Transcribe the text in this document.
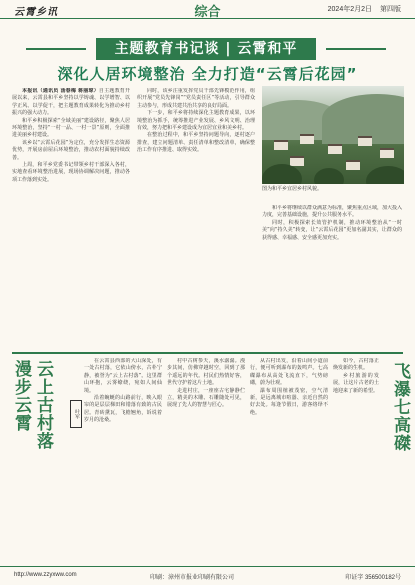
云霄乡讯	综合	2024年2月2日 第四版
主题教育书记谈 | 云霄和平
深化人居环境整治 全力打造“云霄后花园”

本报讯（通讯员 汤春梅 蒋丽琼）自主题教育开展以来，云霄县和平乡坚持以学铸魂、以学增智、以学正风、以学促干，把主题教育成果转化为推动乡村振兴的强大动力。

和平乡积极探索“全域美丽”建设路径，聚焦人居环境整治，坚持“一村一品、一村一景”原则，全面推进美丽乡村建设。

该乡以“云霄后花园”为定位，充分发挥生态资源优势，开展房前屋后环境整治，推动农村面貌持续改善。

上周，和平乡党委书记带领乡村干部深入各村，实地查看环境整治进展，现场协调解决问题，推动各项工作落到实处。

同时，该乡注重发挥党员干部先锋模范作用，组织开展“党员先锋岗”“党员责任区”等活动，引导群众主动参与，形成共建共治共享的良好局面。

下一步，和平乡将持续深化主题教育成果，以环境整治为抓手，统筹推进产业发展、乡风文明、治理有效，努力把和平乡建设成为宜居宜业和美乡村。

在整治过程中，和平乡坚持问题导向，逐村逐户排查，建立问题清单、责任清单和整改清单，确保整治工作有序推进、取得实效。

图为和平乡宜居乡村风貌。

和平乡将继续以群众满意为标准，聚焦重点区域，加大投入力度，完善基础设施，提升公共服务水平。

同时，积极探索长效管护机制，推动环境整治从“一时美”向“持久美”转变，让“云霄后花园”更加名副其实，让群众的获得感、幸福感、安全感更加充实。

漫步云霄 云上古村落	叶军

在云霄县西部的大山深处，有一处古村落，它依山傍水，古朴宁静，被誉为“云上古村落”。这里群山环抱，云雾缭绕，宛如人间仙境。

沿着蜿蜒的山路前行，映入眼帘的是层层梯田和错落有致的古民居。青砖黛瓦，飞檐翘角，诉说着岁月的沧桑。

村中古树参天，溪水潺潺。漫步其间，仿佛穿越时空，回到了那个遥远的年代。村民们热情好客，世代守护着这片土地。

走进村庄，一座座古宅静静伫立，精美的木雕、石雕随处可见，展现了先人的智慧与匠心。

从古村出发，沿着山间小道前行，便可听到瀑布的轰鸣声。七高磔瀑布从高处飞流直下，气势磅礴，蔚为壮观。

瀑布周围植被茂密，空气清新，是远离城市喧嚣、亲近自然的好去处。每逢节假日，游客络绎不绝。

如今，古村落正焕发新的生机。

乡村旅游的发展，让这片古老的土地迎来了新的希望。 飞瀑七高磔
http://www.zzyxww.com	印刷：漳州市报业印刷有限公司	印证字 356500182号
